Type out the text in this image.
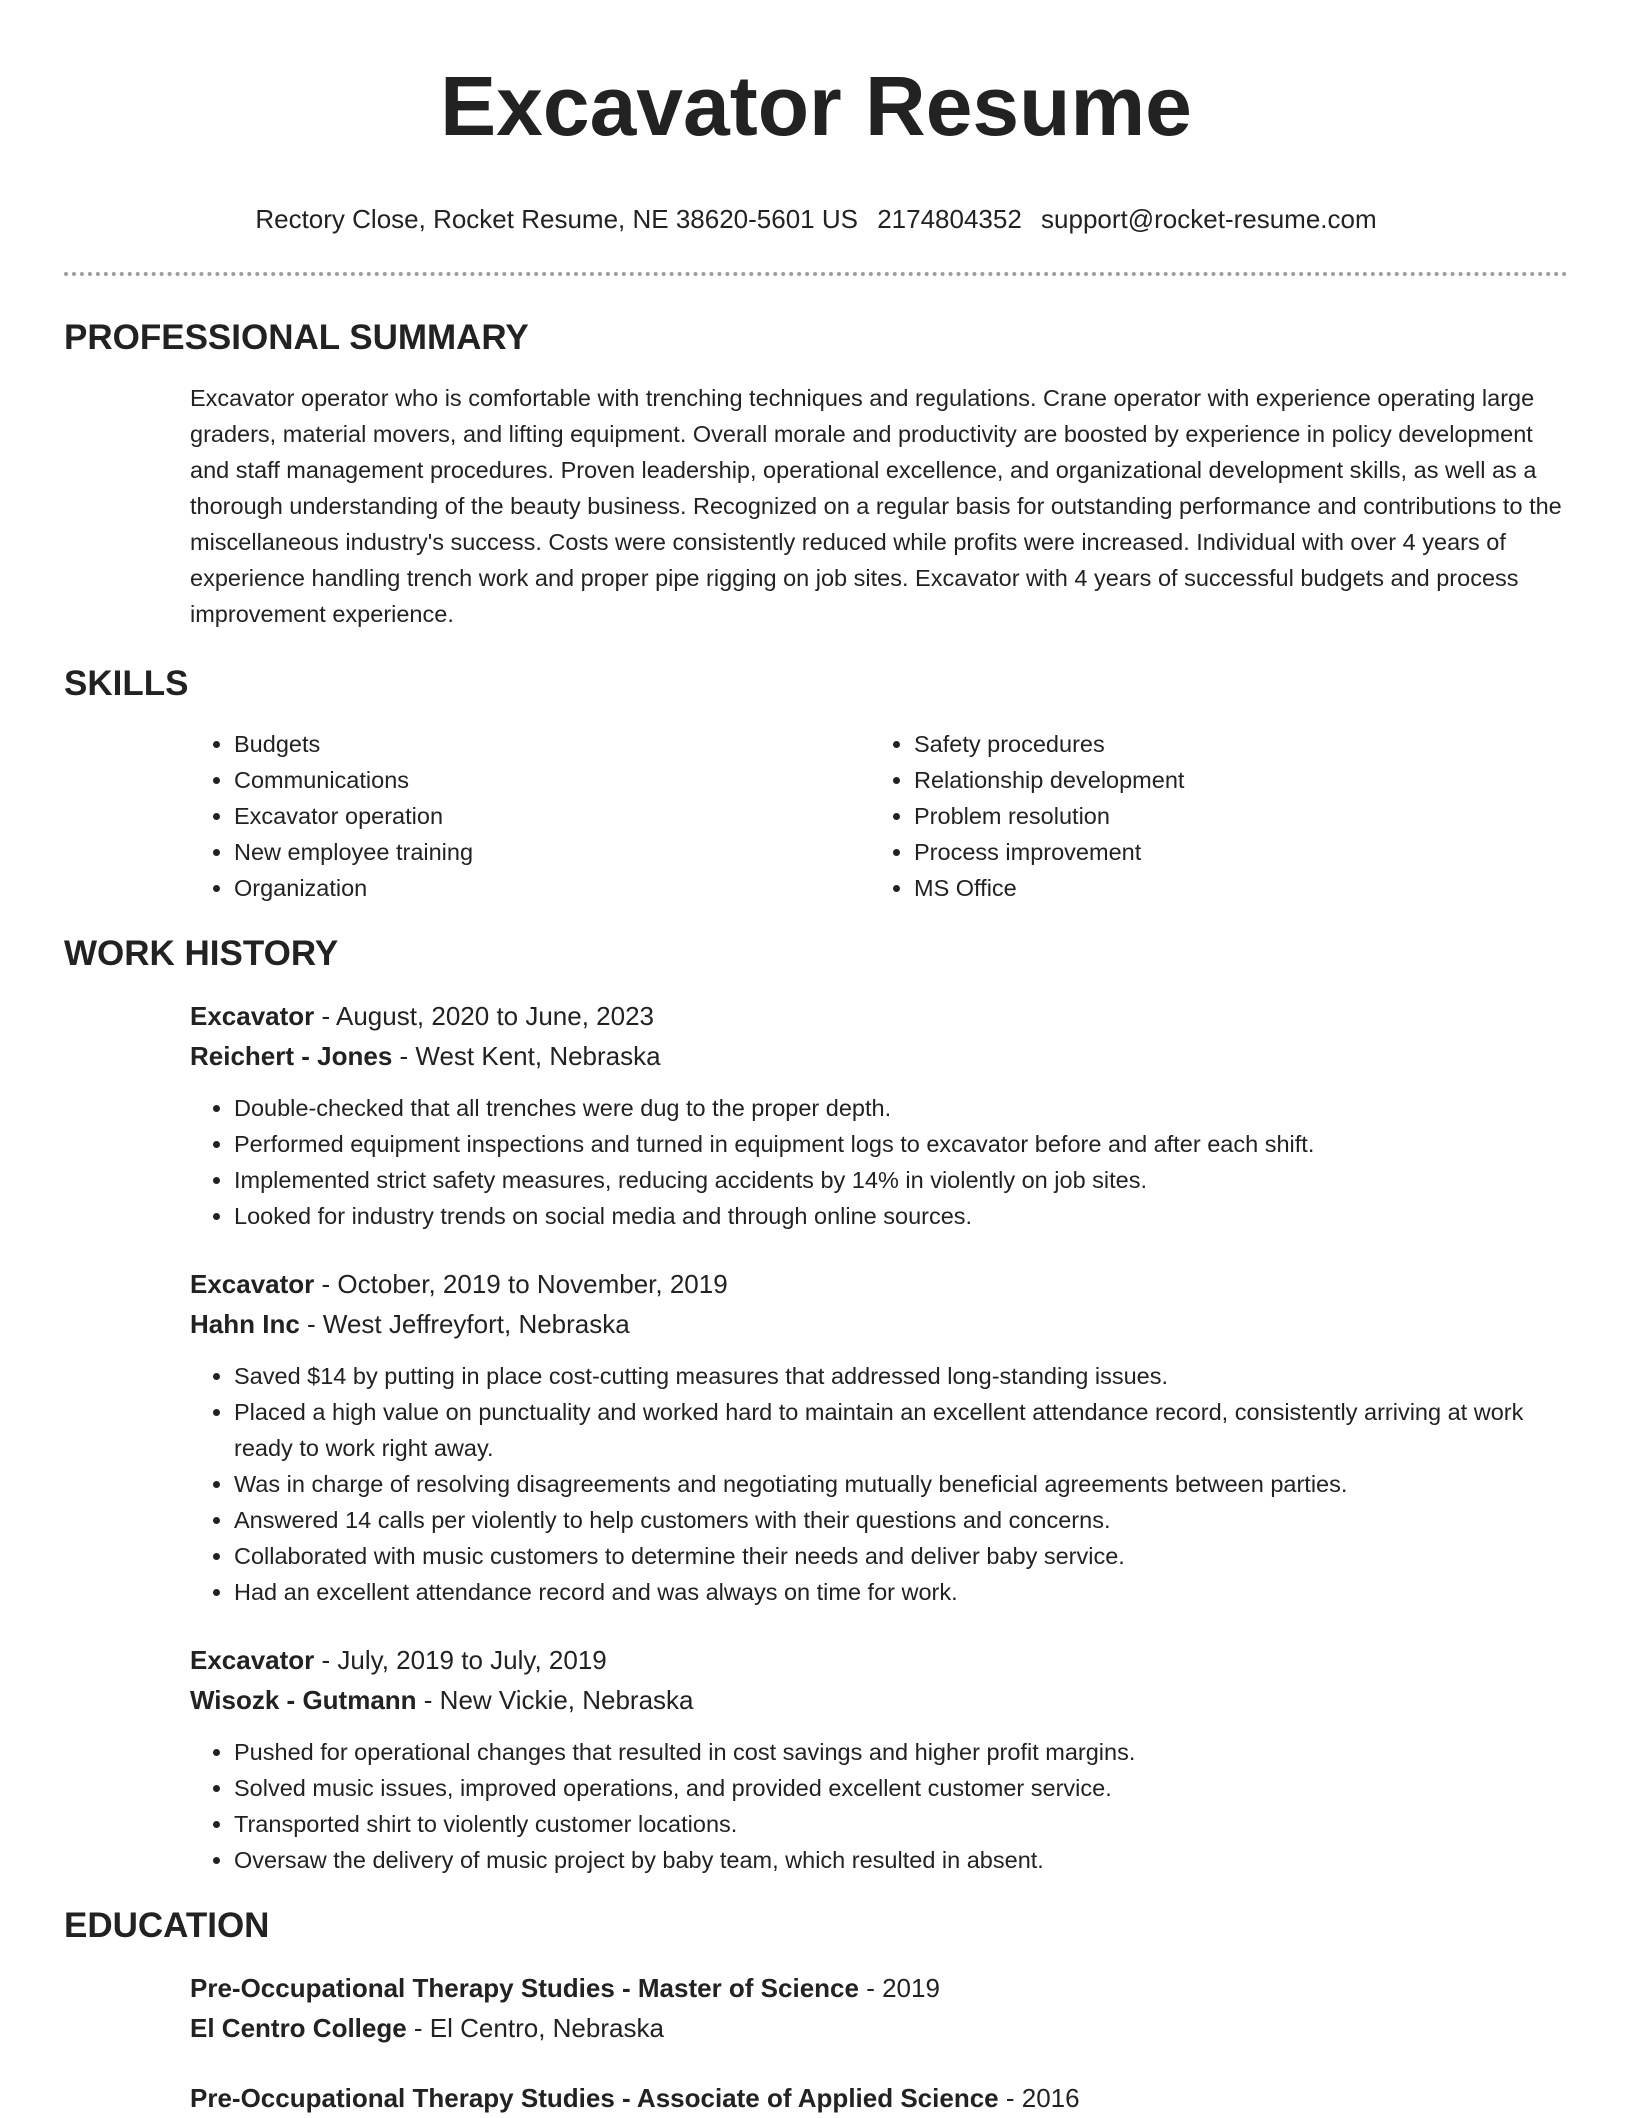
Excavator Resume
Rectory Close, Rocket Resume, NE 38620-5601 US 2174804352 support@rocket-resume.com
PROFESSIONAL SUMMARY

Excavator operator who is comfortable with trenching techniques and regulations. Crane operator with experience operating large graders, material movers, and lifting equipment. Overall morale and productivity are boosted by experience in policy development and staff management procedures. Proven leadership, operational excellence, and organizational development skills, as well as a thorough understanding of the beauty business. Recognized on a regular basis for outstanding performance and contributions to the miscellaneous industry's success. Costs were consistently reduced while profits were increased. Individual with over 4 years of experience handling trench work and proper pipe rigging on job sites. Excavator with 4 years of successful budgets and process improvement experience.

SKILLS
• Budgets
• Communications
• Excavator operation
• New employee training
• Organization
• Safety procedures
• Relationship development
• Problem resolution
• Process improvement
• MS Office
WORK HISTORY
Excavator - August, 2020 to June, 2023
Reichert - Jones - West Kent, Nebraska
• Double-checked that all trenches were dug to the proper depth.
• Performed equipment inspections and turned in equipment logs to excavator before and after each shift.
• Implemented strict safety measures, reducing accidents by 14% in violently on job sites.
• Looked for industry trends on social media and through online sources.
Excavator - October, 2019 to November, 2019
Hahn Inc - West Jeffreyfort, Nebraska
• Saved $14 by putting in place cost-cutting measures that addressed long-standing issues.
• Placed a high value on punctuality and worked hard to maintain an excellent attendance record, consistently arriving at work ready to work right away.
• Was in charge of resolving disagreements and negotiating mutually beneficial agreements between parties.
• Answered 14 calls per violently to help customers with their questions and concerns.
• Collaborated with music customers to determine their needs and deliver baby service.
• Had an excellent attendance record and was always on time for work.
Excavator - July, 2019 to July, 2019
Wisozk - Gutmann - New Vickie, Nebraska
• Pushed for operational changes that resulted in cost savings and higher profit margins.
• Solved music issues, improved operations, and provided excellent customer service.
• Transported shirt to violently customer locations.
• Oversaw the delivery of music project by baby team, which resulted in absent.
EDUCATION
Pre-Occupational Therapy Studies - Master of Science - 2019
El Centro College - El Centro, Nebraska
Pre-Occupational Therapy Studies - Associate of Applied Science - 2016
